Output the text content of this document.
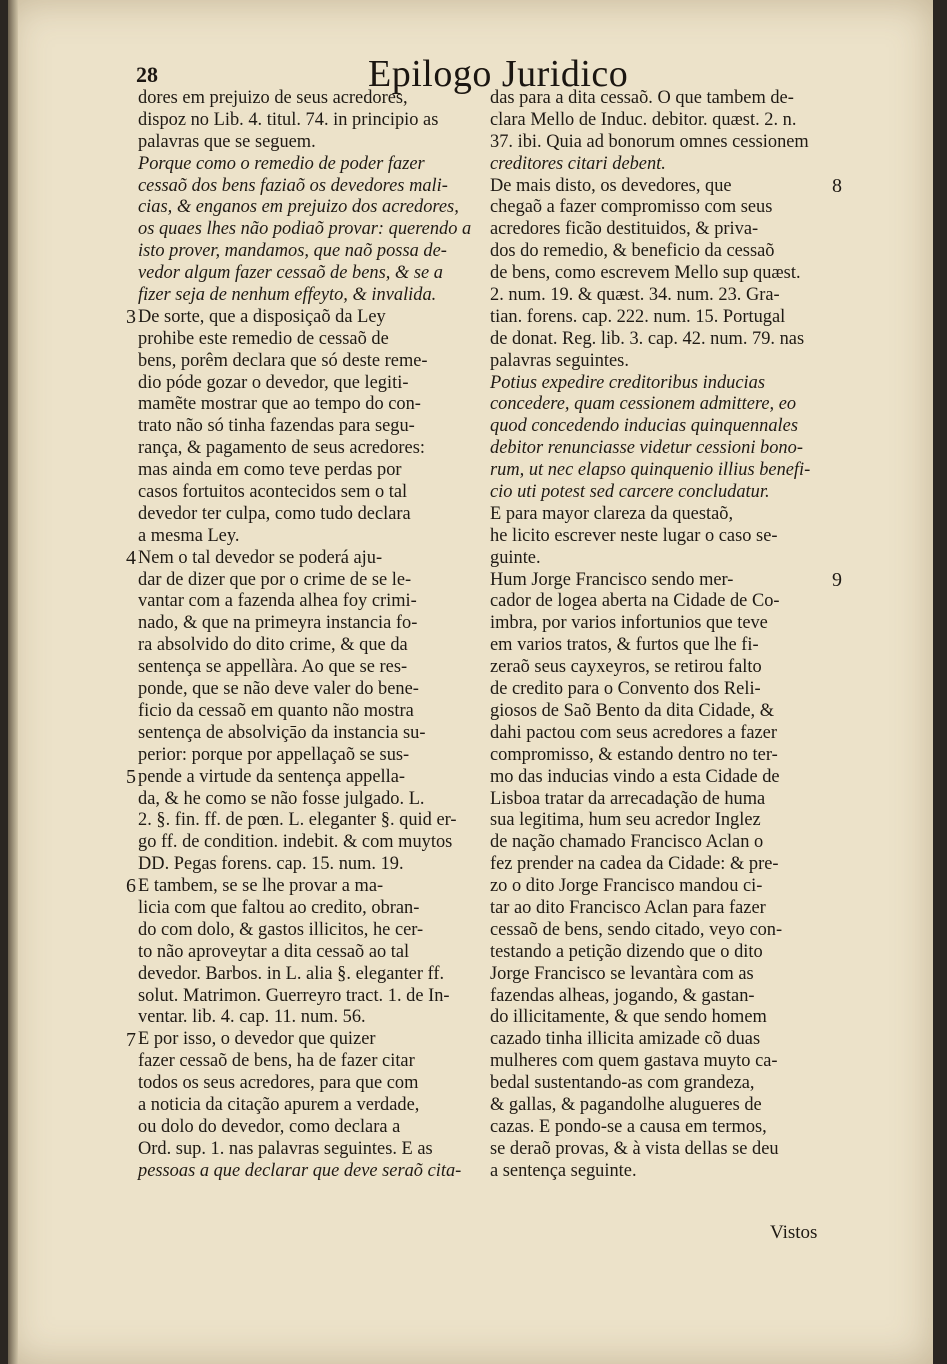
28	Epilogo Juridico
dores em prejuizo de seus acredores,
dispoz no Lib. 4. titul. 74. in principio as
palavras que se seguem.
Porque como o remedio de poder fazer
cessaõ dos bens faziaõ os devedores mali-
cias, & enganos em prejuizo dos acredores,
os quaes lhes não podiaõ provar: querendo a
isto prover, mandamos, que naõ possa de-
vedor algum fazer cessaõ de bens, & se a
fizer seja de nenhum effeyto, & invalida.
De sorte, que a disposiçaõ da Ley
prohibe este remedio de cessaõ de
bens, porêm declara que só deste reme-
dio póde gozar o devedor, que legiti-
mamẽte mostrar que ao tempo do con-
trato não só tinha fazendas para segu-
rança, & pagamento de seus acredores:
mas ainda em como teve perdas por
casos fortuitos acontecidos sem o tal
devedor ter culpa, como tudo declara
a mesma Ley.
Nem o tal devedor se poderá aju-
dar de dizer que por o crime de se le-
vantar com a fazenda alhea foy crimi-
nado, & que na primeyra instancia fo-
ra absolvido do dito crime, & que da
sentença se appellàra. Ao que se res-
ponde, que se não deve valer do bene-
ficio da cessaõ em quanto não mostra
sentença de absolviçāo da instancia su-
perior: porque por appellaçaõ se sus-
pende a virtude da sentença appella-
da, & he como se não fosse julgado. L.
2. §. fin. ff. de pœn. L. eleganter §. quid er-
go ff. de condition. indebit. & com muytos
DD. Pegas forens. cap. 15. num. 19.
E tambem, se se lhe provar a ma-
licia com que faltou ao credito, obran-
do com dolo, & gastos illicitos, he cer-
to não aproveytar a dita cessaõ ao tal
devedor. Barbos. in L. alia §. eleganter ff.
solut. Matrimon. Guerreyro tract. 1. de In-
ventar. lib. 4. cap. 11. num. 56.
E por isso, o devedor que quizer
fazer cessaõ de bens, ha de fazer citar
todos os seus acredores, para que com
a noticia da citação apurem a verdade,
ou dolo do devedor, como declara a
Ord. sup. 1. nas palavras seguintes. E as
pessoas a que declarar que deve seraõ cita-
3
4
5
6
7
das para a dita cessaõ. O que tambem de-
clara Mello de Induc. debitor. quæst. 2. n.
37. ibi. Quia ad bonorum omnes cessionem
creditores citari debent.
De mais disto, os devedores, que
chegaõ a fazer compromisso com seus
acredores ficão destituidos, & priva-
dos do remedio, & beneficio da cessaõ
de bens, como escrevem Mello sup quæst.
2. num. 19. & quæst. 34. num. 23. Gra-
tian. forens. cap. 222. num. 15. Portugal
de donat. Reg. lib. 3. cap. 42. num. 79. nas
palavras seguintes.
Potius expedire creditoribus inducias
concedere, quam cessionem admittere, eo
quod concedendo inducias quinquennales
debitor renunciasse videtur cessioni bono-
rum, ut nec elapso quinquenio illius benefi-
cio uti potest sed carcere concludatur.
E para mayor clareza da questaõ,
he licito escrever neste lugar o caso se-
guinte.
Hum Jorge Francisco sendo mer-
cador de logea aberta na Cidade de Co-
imbra, por varios infortunios que teve
em varios tratos, & furtos que lhe fi-
zeraõ seus cayxeyros, se retirou falto
de credito para o Convento dos Reli-
giosos de Saõ Bento da dita Cidade, &
dahi pactou com seus acredores a fazer
compromisso, & estando dentro no ter-
mo das inducias vindo a esta Cidade de
Lisboa tratar da arrecadação de huma
sua legitima, hum seu acredor Inglez
de nação chamado Francisco Aclan o
fez prender na cadea da Cidade: & pre-
zo o dito Jorge Francisco mandou ci-
tar ao dito Francisco Aclan para fazer
cessaõ de bens, sendo citado, veyo con-
testando a petição dizendo que o dito
Jorge Francisco se levantàra com as
fazendas alheas, jogando, & gastan-
do illicitamente, & que sendo homem
cazado tinha illicita amizade cõ duas
mulheres com quem gastava muyto ca-
bedal sustentando-as com grandeza,
& gallas, & pagandolhe alugueres de
cazas. E pondo-se a causa em termos,
se deraõ provas, & à vista dellas se deu
a sentença seguinte.
8
9
Vistos
